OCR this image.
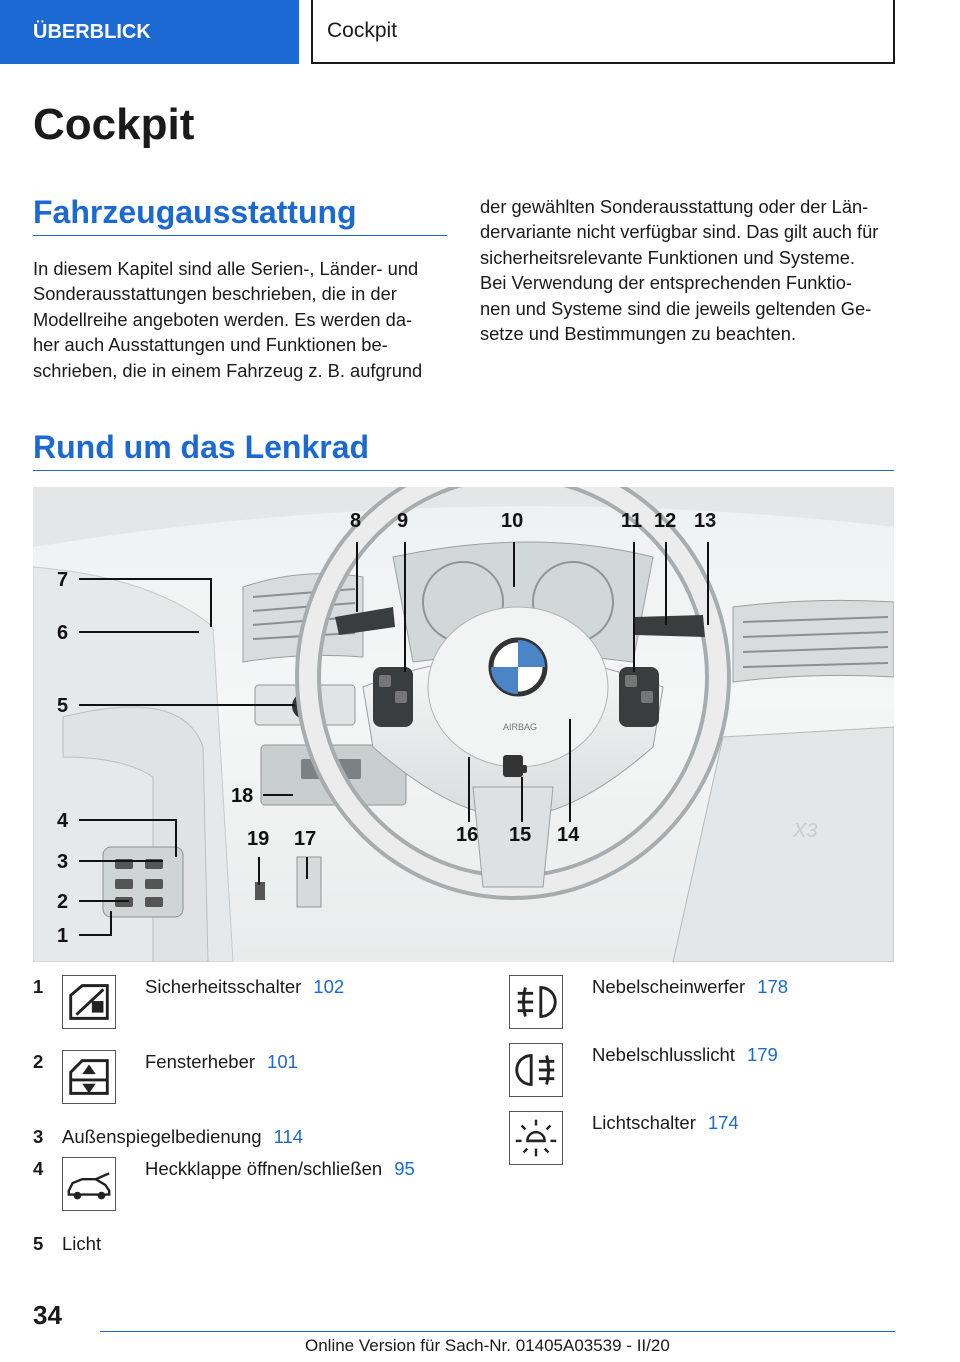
ÜBERBLICK	Cockpit
Cockpit
Fahrzeugausstattung
In diesem Kapitel sind alle Serien-, Länder- und
Sonderausstattungen beschrieben, die in der
Modellreihe angeboten werden. Es werden da-
her auch Ausstattungen und Funktionen be-
schrieben, die in einem Fahrzeug z. B. aufgrund
der gewählten Sonderausstattung oder der Län-
dervariante nicht verfügbar sind. Das gilt auch für
sicherheitsrelevante Funktionen und Systeme.
Bei Verwendung der entsprechenden Funktio-
nen und Systeme sind die jeweils geltenden Ge-
setze und Bestimmungen zu beachten.
Rund um das Lenkrad
AIRBAG
X3
1
2
3
4
5
6
7
8 9	10	11 12 13
14
15
16
17
18
19
1	Sicherheitsschalter 102
2	Fensterheber 101
3 Außenspiegelbedienung 114
4	Heckklappe öffnen/schließen 95
5 Licht
Nebelscheinwerfer 178
Nebelschlusslicht 179
Lichtschalter 174
34
Online Version für Sach-Nr. 01405A03539 - II/20
